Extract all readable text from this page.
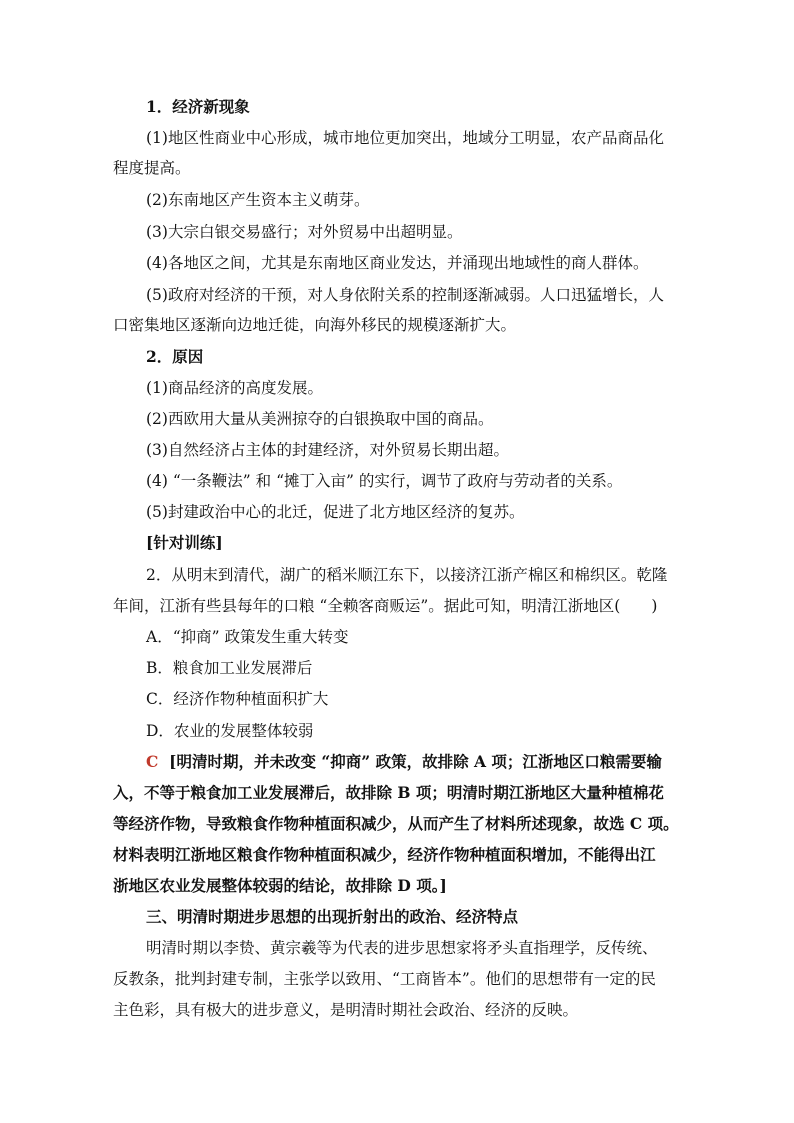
1．经济新现象
(1)地区性商业中心形成，城市地位更加突出，地域分工明显，农产品商品化
程度提高。
(2)东南地区产生资本主义萌芽。
(3)大宗白银交易盛行；对外贸易中出超明显。
(4)各地区之间，尤其是东南地区商业发达，并涌现出地域性的商人群体。
(5)政府对经济的干预，对人身依附关系的控制逐渐减弱。人口迅猛增长，人
口密集地区逐渐向边地迁徙，向海外移民的规模逐渐扩大。
2．原因
(1)商品经济的高度发展。
(2)西欧用大量从美洲掠夺的白银换取中国的商品。
(3)自然经济占主体的封建经济，对外贸易长期出超。
(4) “一条鞭法” 和 “摊丁入亩” 的实行，调节了政府与劳动者的关系。
(5)封建政治中心的北迁，促进了北方地区经济的复苏。
[针对训练]
2．从明末到清代，湖广的稻米顺江东下，以接济江浙产棉区和棉织区。乾隆
年间，江浙有些县每年的口粮 “全赖客商贩运”。据此可知，明清江浙地区(　　)
A．“抑商” 政策发生重大转变
B．粮食加工业发展滞后
C．经济作物种植面积扩大
D．农业的发展整体较弱
C [明清时期，并未改变 “抑商” 政策，故排除 A 项；江浙地区口粮需要输
入，不等于粮食加工业发展滞后，故排除 B 项；明清时期江浙地区大量种植棉花
等经济作物，导致粮食作物种植面积减少，从而产生了材料所述现象，故选 C 项。
材料表明江浙地区粮食作物种植面积减少，经济作物种植面积增加，不能得出江
浙地区农业发展整体较弱的结论，故排除 D 项。]
三、明清时期进步思想的出现折射出的政治、经济特点
明清时期以李贽、黄宗羲等为代表的进步思想家将矛头直指理学，反传统、
反教条，批判封建专制，主张学以致用、“工商皆本”。他们的思想带有一定的民
主色彩，具有极大的进步意义，是明清时期社会政治、经济的反映。
